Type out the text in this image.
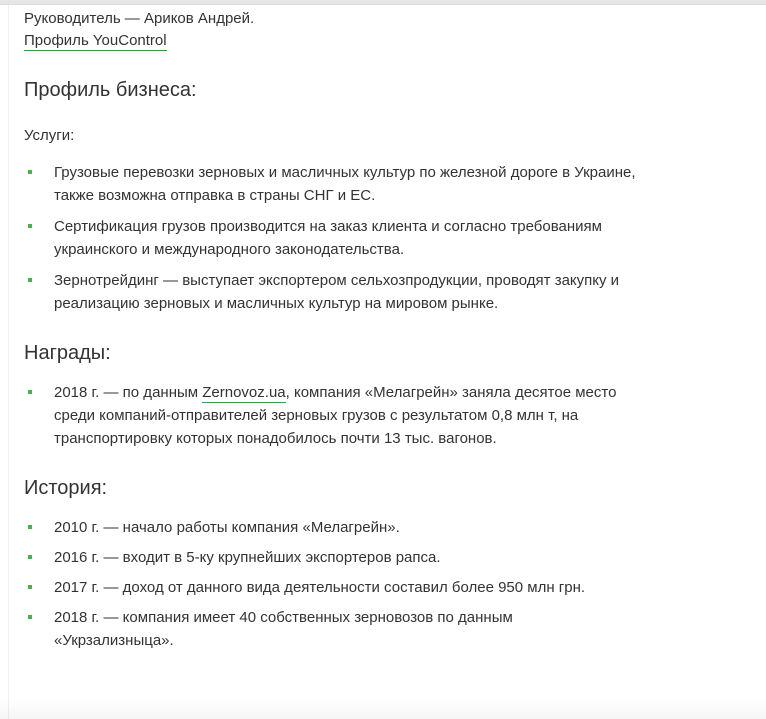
Руководитель — Ариков Андрей.

Профиль YouControl

Профиль бизнеса:
Услуги:
Грузовые перевозки зерновых и масличных культур по железной дороге в Украине, также возможна отправка в страны СНГ и ЕС.
Сертификация грузов производится на заказ клиента и согласно требованиям украинского и международного законодательства.
Зернотрейдинг — выступает экспортером сельхозпродукции, проводят закупку и реализацию зерновых и масличных культур на мировом рынке.
Награды:
2018 г. — по данным Zernovoz.ua, компания «Мелагрейн» заняла десятое место среди компаний-отправителей зерновых грузов с результатом 0,8 млн т, на транспортировку которых понадобилось почти 13 тыс. вагонов.
История:
2010 г. — начало работы компания «Мелагрейн».
2016 г. — входит в 5-ку крупнейших экспортеров рапса.
2017 г. — доход от данного вида деятельности составил более 950 млн грн.
2018 г. — компания имеет 40 собственных зерновозов по данным «Укрзализныца».
